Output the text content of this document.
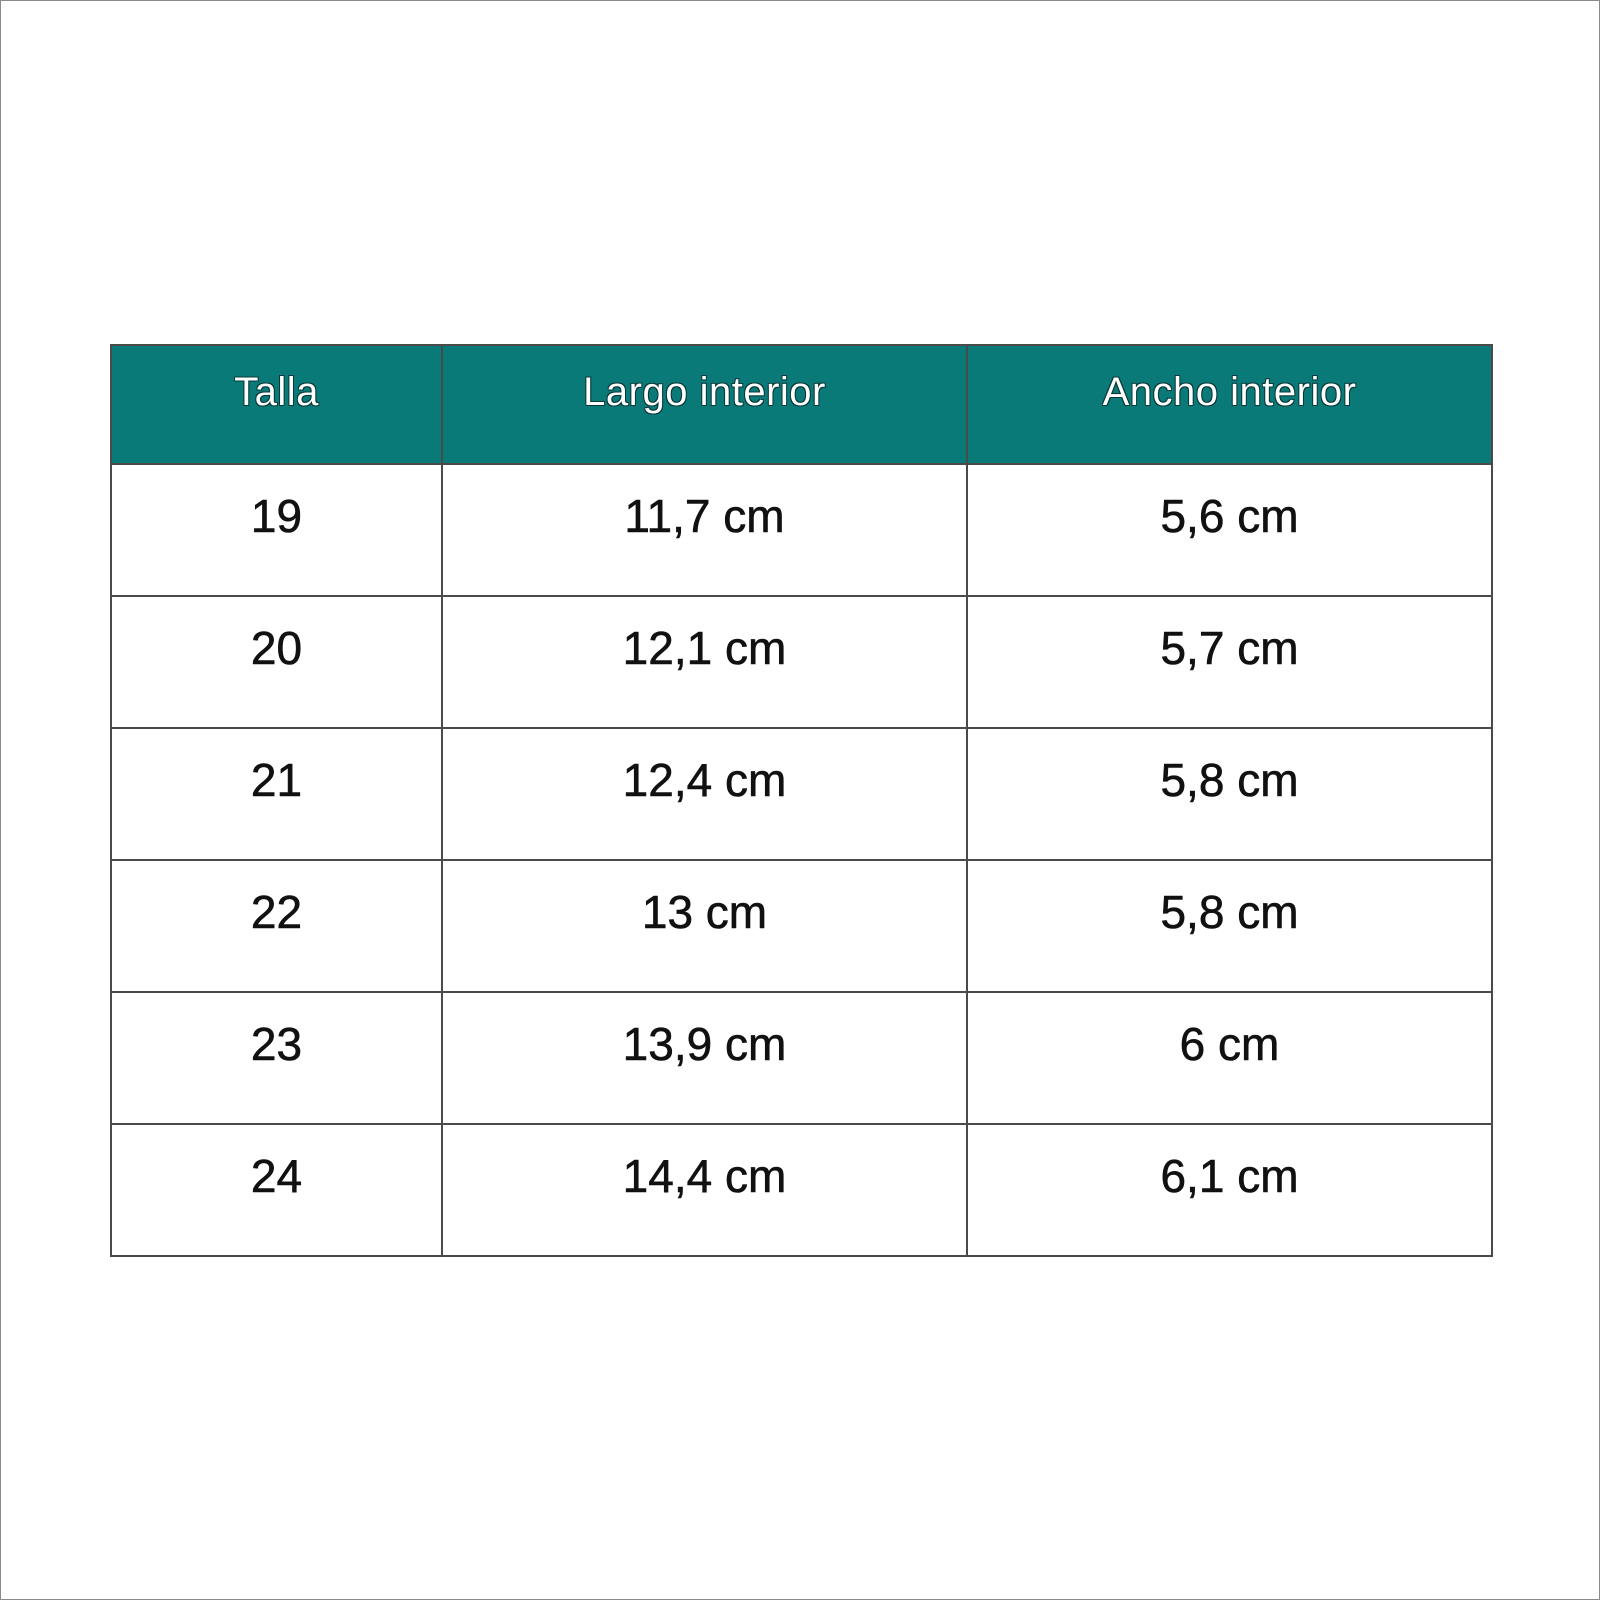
Talla	Largo interior	Ancho interior
19	11,7 cm	5,6 cm
20	12,1 cm	5,7 cm
21	12,4 cm	5,8 cm
22	13 cm	5,8 cm
23	13,9 cm	6 cm
24	14,4 cm	6,1 cm
